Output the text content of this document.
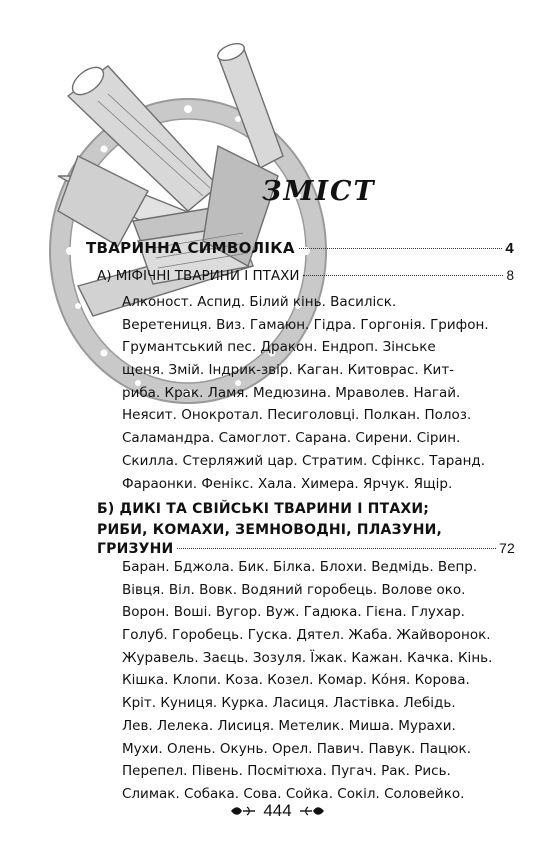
ЗМІСТ
ТВАРИННА СИМВОЛІКА	4
А) МІФІЧНІ ТВАРИНИ І ПТАХИ	8
Алконост. Аспид. Білий кінь. Василіск.
Веретениця. Виз. Гамаюн. Гідра. Горгонія. Грифон.
Грумантський пес. Дракон. Ендроп. Зінське
щеня. Змій. Індрик-звір. Каган. Китоврас. Кит-
риба. Крак. Ламя. Медюзина. Мраволев. Нагай.
Неясит. Онокротал. Песиголовці. Полкан. Полоз.
Саламандра. Самоглот. Сарана. Сирени. Сірин.
Скилла. Стерляжий цар. Стратим. Сфінкс. Таранд.
Фараонки. Фенікс. Хала. Химера. Ярчук. Ящір.
Б) ДИКІ ТА СВІЙСЬКІ ТВАРИНИ І ПТАХИ;
РИБИ, КОМАХИ, ЗЕМНОВОДНІ, ПЛАЗУНИ,
ГРИЗУНИ	72
Баран. Бджола. Бик. Білка. Блохи. Ведмідь. Вепр.
Вівця. Віл. Вовк. Водяний горобець. Волове око.
Ворон. Воші. Вугор. Вуж. Гадюка. Гієна. Глухар.
Голуб. Горобець. Гуска. Дятел. Жаба. Жайворонок.
Журавель. Заєць. Зозуля. Їжак. Кажан. Качка. Кінь.
Кішка. Клопи. Коза. Козел. Комар. Ко́ня. Корова.
Кріт. Куниця. Курка. Ласиця. Ластівка. Лебідь.
Лев. Лелека. Лисиця. Метелик. Миша. Мурахи.
Мухи. Олень. Окунь. Орел. Павич. Павук. Пацюк.
Перепел. Півень. Посмітюха. Пугач. Рак. Рись.
Слимак. Собака. Сова. Сойка. Сокіл. Соловейко.
444
